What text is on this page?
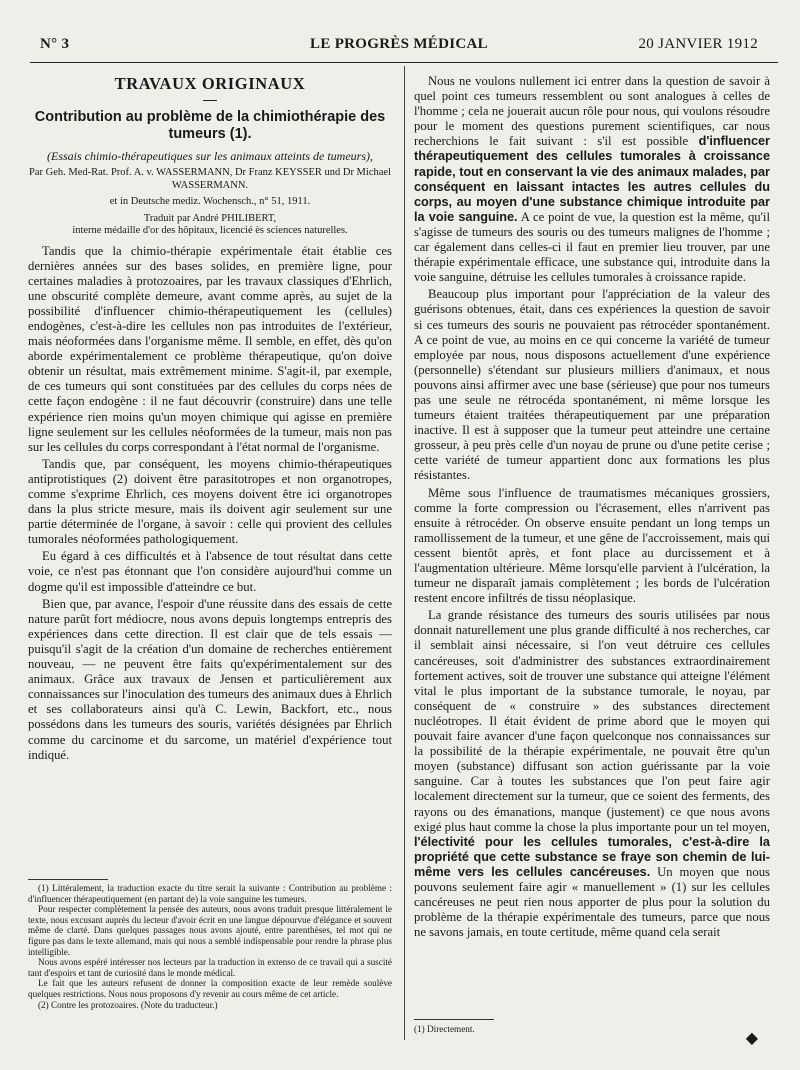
N° 3	LE PROGRÈS MÉDICAL	20 JANVIER 1912
TRAVAUX ORIGINAUX
Contribution au problème de la chimiothérapie des tumeurs (1).
(Essais chimio-thérapeutiques sur les animaux atteints de tumeurs),
Par Geh. Med-Rat. Prof. A. v. WASSERMANN, Dr Franz KEYSSER und Dr Michael WASSERMANN.
et in Deutsche mediz. Wochensch., n° 51, 1911.
Traduit par André PHILIBERT,
interne médaille d'or des hôpitaux, licencié ès sciences naturelles.

Tandis que la chimio-thérapie expérimentale était établie ces dernières années sur des bases solides, en première ligne, pour certaines maladies à protozoaires, par les travaux classiques d'Ehrlich, une obscurité complète demeure, avant comme après, au sujet de la possibilité d'influencer chimio-thérapeutiquement les (cellules) endogènes, c'est-à-dire les cellules non pas introduites de l'extérieur, mais néoformées dans l'organisme même. Il semble, en effet, dès qu'on aborde expérimentalement ce problème thérapeutique, qu'on doive obtenir un résultat, mais extrêmement minime. S'agit-il, par exemple, de ces tumeurs qui sont constituées par des cellules du corps nées de cette façon endogène : il ne faut découvrir (construire) dans une telle expérience rien moins qu'un moyen chimique qui agisse en première ligne seulement sur les cellules néoformées de la tumeur, mais non pas sur les cellules du corps correspondant à l'état normal de l'organisme.

Tandis que, par conséquent, les moyens chimio-thérapeutiques antiprotistiques (2) doivent être parasitotropes et non organotropes, comme s'exprime Ehrlich, ces moyens doivent être ici organotropes dans la plus stricte mesure, mais ils doivent agir seulement sur une partie déterminée de l'organe, à savoir : celle qui provient des cellules tumorales néoformées pathologiquement.

Eu égard à ces difficultés et à l'absence de tout résultat dans cette voie, ce n'est pas étonnant que l'on considère aujourd'hui comme un dogme qu'il est impossible d'atteindre ce but.

Bien que, par avance, l'espoir d'une réussite dans des essais de cette nature parût fort médiocre, nous avons depuis longtemps entrepris des expériences dans cette direction. Il est clair que de tels essais — puisqu'il s'agit de la création d'un domaine de recherches entièrement nouveau, — ne peuvent être faits qu'expérimentalement sur des animaux. Grâce aux travaux de Jensen et particulièrement aux connaissances sur l'inoculation des tumeurs des animaux dues à Ehrlich et ses collaborateurs ainsi qu'à C. Lewin, Backfort, etc., nous possédons dans les tumeurs des souris, variétés désignées par Ehrlich comme du carcinome et du sarcome, un matériel d'expérience tout indiqué.

(1) Littéralement, la traduction exacte du titre serait la suivante : Contribution au problème : d'influencer thérapeutiquement (en partant de) la voie sanguine les tumeurs.

Pour respecter complètement la pensée des auteurs, nous avons traduit presque littéralement le texte, nous excusant auprès du lecteur d'avoir écrit en une langue dépourvue d'élégance et souvent même de clarté. Dans quelques passages nous avons ajouté, entre parenthèses, tel mot qui ne figure pas dans le texte allemand, mais qui nous a semblé indispensable pour rendre la phrase plus intelligible.

Nous avons espéré intéresser nos lecteurs par la traduction in extenso de ce travail qui a suscité tant d'espoirs et tant de curiosité dans le monde médical.

Le fait que les auteurs refusent de donner la composition exacte de leur remède soulève quelques restrictions. Nous nous proposons d'y revenir au cours même de cet article.

(2) Contre les protozoaires. (Note du traducteur.)

Nous ne voulons nullement ici entrer dans la question de savoir à quel point ces tumeurs ressemblent ou sont analogues à celles de l'homme ; cela ne jouerait aucun rôle pour nous, qui voulons résoudre pour le moment des questions purement scientifiques, car nous recherchions le fait suivant : s'il est possible d'influencer thérapeutiquement des cellules tumorales à croissance rapide, tout en conservant la vie des animaux malades, par conséquent en laissant intactes les autres cellules du corps, au moyen d'une substance chimique introduite par la voie sanguine. A ce point de vue, la question est la même, qu'il s'agisse de tumeurs des souris ou des tumeurs malignes de l'homme ; car également dans celles-ci il faut en premier lieu trouver, par une thérapie expérimentale efficace, une substance qui, introduite dans la voie sanguine, détruise les cellules tumorales à croissance rapide.

Beaucoup plus important pour l'appréciation de la valeur des guérisons obtenues, était, dans ces expériences la question de savoir si ces tumeurs des souris ne pouvaient pas rétrocéder spontanément. A ce point de vue, au moins en ce qui concerne la variété de tumeur employée par nous, nous disposons actuellement d'une expérience (personnelle) s'étendant sur plusieurs milliers d'animaux, et nous pouvons ainsi affirmer avec une base (sérieuse) que pour nos tumeurs pas une seule ne rétrocéda spontanément, ni même lorsque les tumeurs étaient traitées thérapeutiquement par une préparation inactive. Il est à supposer que la tumeur peut atteindre une certaine grosseur, à peu près celle d'un noyau de prune ou d'une petite cerise ; cette variété de tumeur appartient donc aux formations les plus résistantes.

Même sous l'influence de traumatismes mécaniques grossiers, comme la forte compression ou l'écrasement, elles n'arrivent pas ensuite à rétrocéder. On observe ensuite pendant un long temps un ramollissement de la tumeur, et une gêne de l'accroissement, mais qui cessent bientôt après, et font place au durcissement et à l'augmentation ultérieure. Même lorsqu'elle parvient à l'ulcération, la tumeur ne disparaît jamais complètement ; les bords de l'ulcération restent encore infiltrés de tissu néoplasique.

La grande résistance des tumeurs des souris utilisées par nous donnait naturellement une plus grande difficulté à nos recherches, car il semblait ainsi nécessaire, si l'on veut détruire ces cellules cancéreuses, soit d'administrer des substances extraordinairement fortement actives, soit de trouver une substance qui atteigne l'élément vital le plus important de la substance tumorale, le noyau, par conséquent de « construire » des substances directement nucléotropes. Il était évident de prime abord que le moyen qui pouvait faire avancer d'une façon quelconque nos connaissances sur la possibilité de la thérapie expérimentale, ne pouvait être qu'un moyen (substance) diffusant son action guérissante par la voie sanguine. Car à toutes les substances que l'on peut faire agir localement directement sur la tumeur, que ce soient des ferments, des rayons ou des émanations, manque (justement) ce que nous avons exigé plus haut comme la chose la plus importante pour un tel moyen, l'électivité pour les cellules tumorales, c'est-à-dire la propriété que cette substance se fraye son chemin de lui-même vers les cellules cancéreuses. Un moyen que nous pouvons seulement faire agir « manuellement » (1) sur les cellules cancéreuses ne peut rien nous apporter de plus pour la solution du problème de la thérapie expérimentale des tumeurs, parce que nous ne savons jamais, en toute certitude, même quand cela serait

(1) Directement.
◆
